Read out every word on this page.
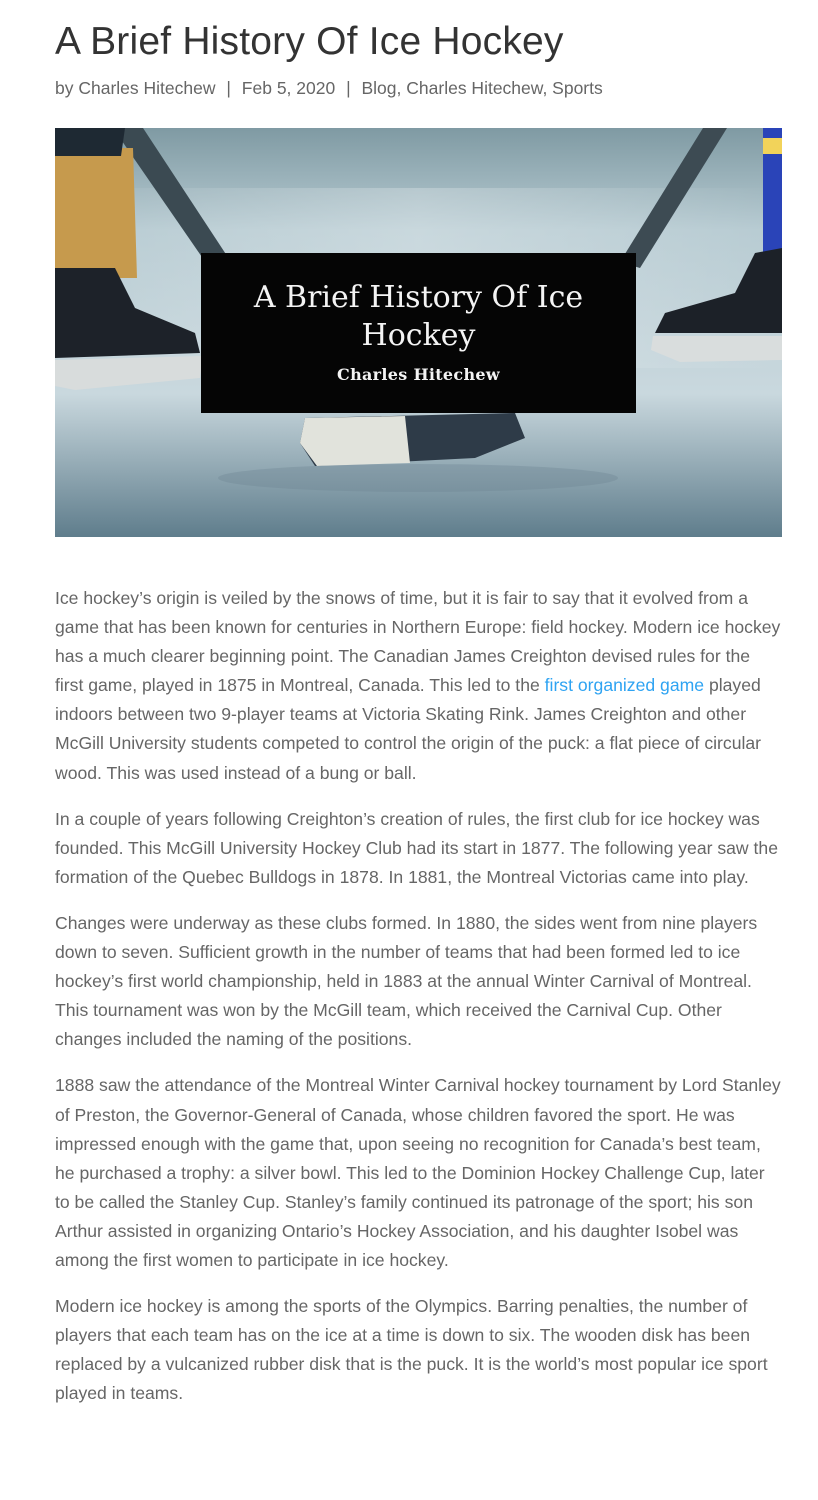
A Brief History Of Ice Hockey
by Charles Hitechew | Feb 5, 2020 | Blog, Charles Hitechew, Sports
A Brief History Of Ice Hockey
Charles Hitechew

Ice hockey’s origin is veiled by the snows of time, but it is fair to say that it evolved from a game that has been known for centuries in Northern Europe: field hockey. Modern ice hockey has a much clearer beginning point. The Canadian James Creighton devised rules for the first game, played in 1875 in Montreal, Canada. This led to the first organized game played indoors between two 9-player teams at Victoria Skating Rink. James Creighton and other McGill University students competed to control the origin of the puck: a flat piece of circular wood. This was used instead of a bung or ball.

In a couple of years following Creighton’s creation of rules, the first club for ice hockey was founded. This McGill University Hockey Club had its start in 1877. The following year saw the formation of the Quebec Bulldogs in 1878. In 1881, the Montreal Victorias came into play.

Changes were underway as these clubs formed. In 1880, the sides went from nine players down to seven. Sufficient growth in the number of teams that had been formed led to ice hockey’s first world championship, held in 1883 at the annual Winter Carnival of Montreal. This tournament was won by the McGill team, which received the Carnival Cup. Other changes included the naming of the positions.

1888 saw the attendance of the Montreal Winter Carnival hockey tournament by Lord Stanley of Preston, the Governor-General of Canada, whose children favored the sport. He was impressed enough with the game that, upon seeing no recognition for Canada’s best team, he purchased a trophy: a silver bowl. This led to the Dominion Hockey Challenge Cup, later to be called the Stanley Cup. Stanley’s family continued its patronage of the sport; his son Arthur assisted in organizing Ontario’s Hockey Association, and his daughter Isobel was among the first women to participate in ice hockey.

Modern ice hockey is among the sports of the Olympics. Barring penalties, the number of players that each team has on the ice at a time is down to six. The wooden disk has been replaced by a vulcanized rubber disk that is the puck. It is the world’s most popular ice sport played in teams.
